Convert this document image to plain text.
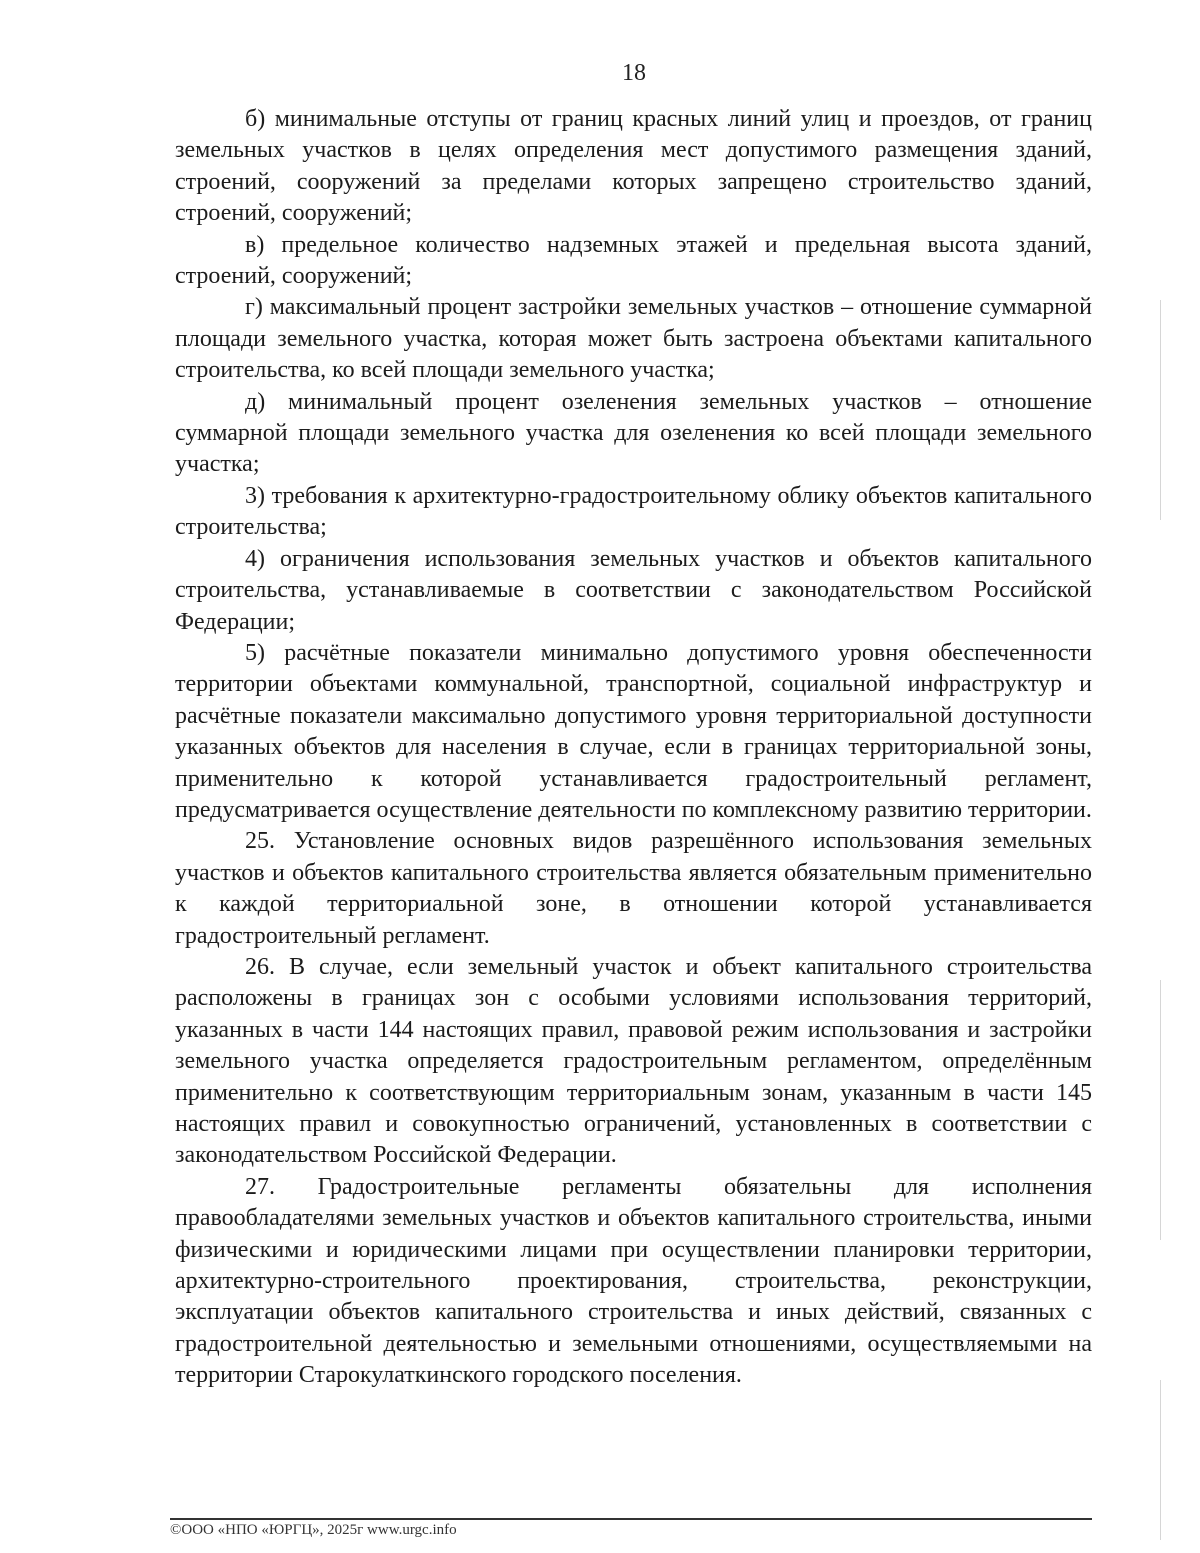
18

б) минимальные отступы от границ красных линий улиц и проездов, от границ земельных участков в целях определения мест допустимого размещения зданий, строений, сооружений за пределами которых запрещено строительство зданий, строений, сооружений;

в) предельное количество надземных этажей и предельная высота зданий, строений, сооружений;

г) максимальный процент застройки земельных участков – отношение суммарной площади земельного участка, которая может быть застроена объектами капитального строительства, ко всей площади земельного участка;

д) минимальный процент озеленения земельных участков – отношение суммарной площади земельного участка для озеленения ко всей площади земельного участка;

3) требования к архитектурно-градостроительному облику объектов капитального строительства;

4) ограничения использования земельных участков и объектов капитального строительства, устанавливаемые в соответствии с законодательством Российской Федерации;

5) расчётные показатели минимально допустимого уровня обеспеченности территории объектами коммунальной, транспортной, социальной инфраструктур и расчётные показатели максимально допустимого уровня территориальной доступности указанных объектов для населения в случае, если в границах территориальной зоны, применительно к которой устанавливается градостроительный регламент, предусматривается осуществление деятельности по комплексному развитию территории.

25. Установление основных видов разрешённого использования земельных участков и объектов капитального строительства является обязательным применительно к каждой территориальной зоне, в отношении которой устанавливается градостроительный регламент.

26. В случае, если земельный участок и объект капитального строительства расположены в границах зон с особыми условиями использования территорий, указанных в части 144 настоящих правил, правовой режим использования и застройки земельного участка определяется градостроительным регламентом, определённым применительно к соответствующим территориальным зонам, указанным в части 145 настоящих правил и совокупностью ограничений, установленных в соответствии с законодательством Российской Федерации.

27. Градостроительные регламенты обязательны для исполнения правообладателями земельных участков и объектов капитального строительства, иными физическими и юридическими лицами при осуществлении планировки территории, архитектурно-строительного проектирования, строительства, реконструкции, эксплуатации объектов капитального строительства и иных действий, связанных с градостроительной деятельностью и земельными отношениями, осуществляемыми на территории Старокулаткинского городского поселения.

©ООО «НПО «ЮРГЦ», 2025г www.urgc.info
